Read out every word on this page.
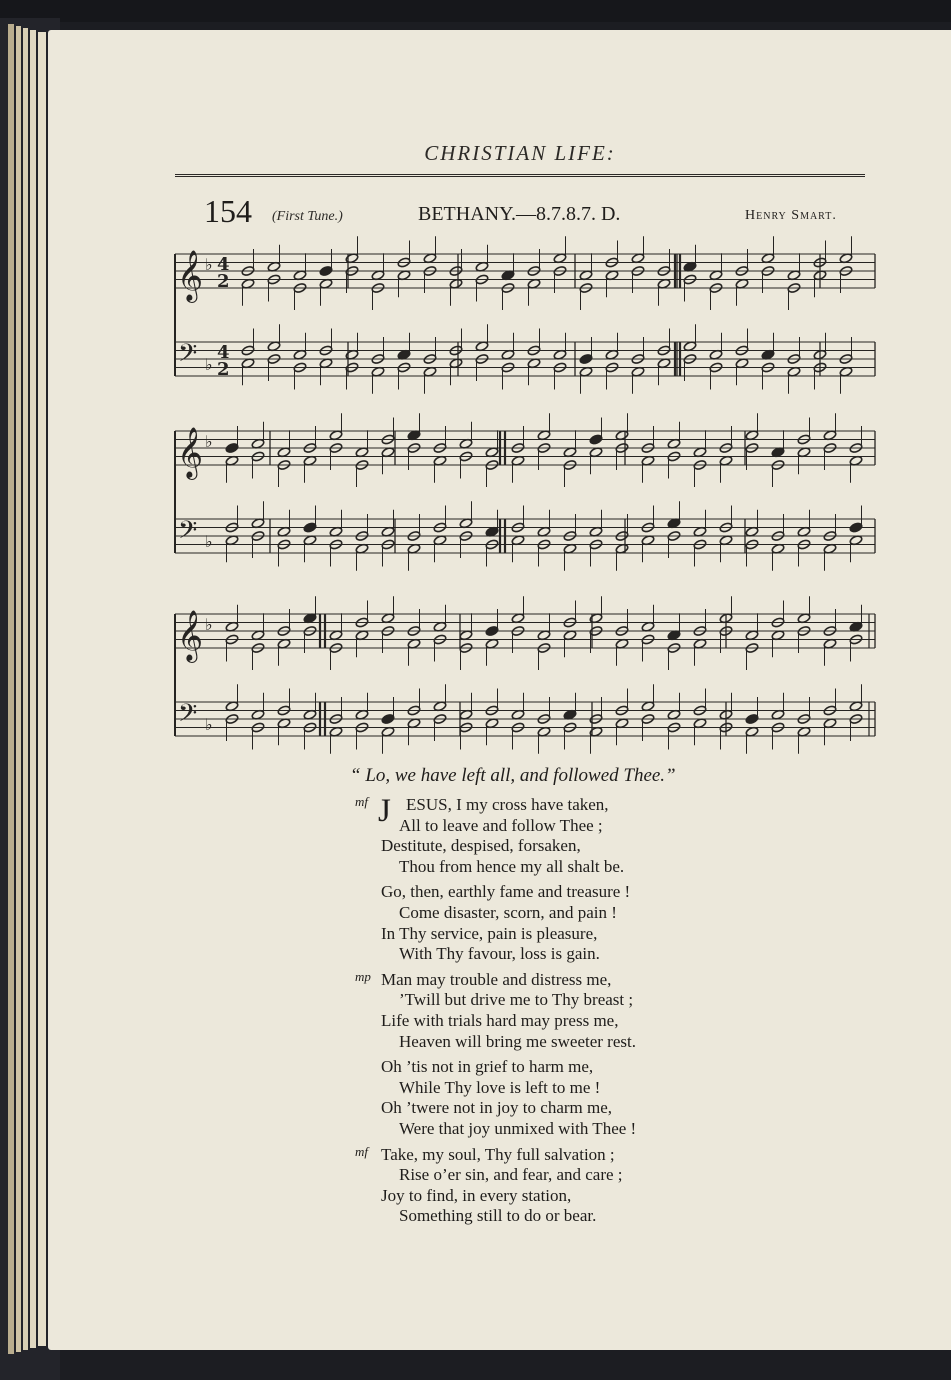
CHRISTIAN LIFE:
154 (First Tune.)	BETHANY.—8.7.8.7. D.	Henry Smart.
𝄞
𝄢
♭
♭
4
2
4
2
𝄞
𝄢
♭
♭
𝄞
𝄢
♭
♭
“ Lo, we have left all, and followed Thee.”
mf J ESUS, I my cross have taken,
All to leave and follow Thee ;
Destitute, despised, forsaken,
Thou from hence my all shalt be.
Go, then, earthly fame and treasure !
Come disaster, scorn, and pain !
In Thy service, pain is pleasure,
With Thy favour, loss is gain.
mp Man may trouble and distress me,
’Twill but drive me to Thy breast ;
Life with trials hard may press me,
Heaven will bring me sweeter rest.
Oh ’tis not in grief to harm me,
While Thy love is left to me !
Oh ’twere not in joy to charm me,
Were that joy unmixed with Thee !
mf Take, my soul, Thy full salvation ;
Rise o’er sin, and fear, and care ;
Joy to find, in every station,
Something still to do or bear.
